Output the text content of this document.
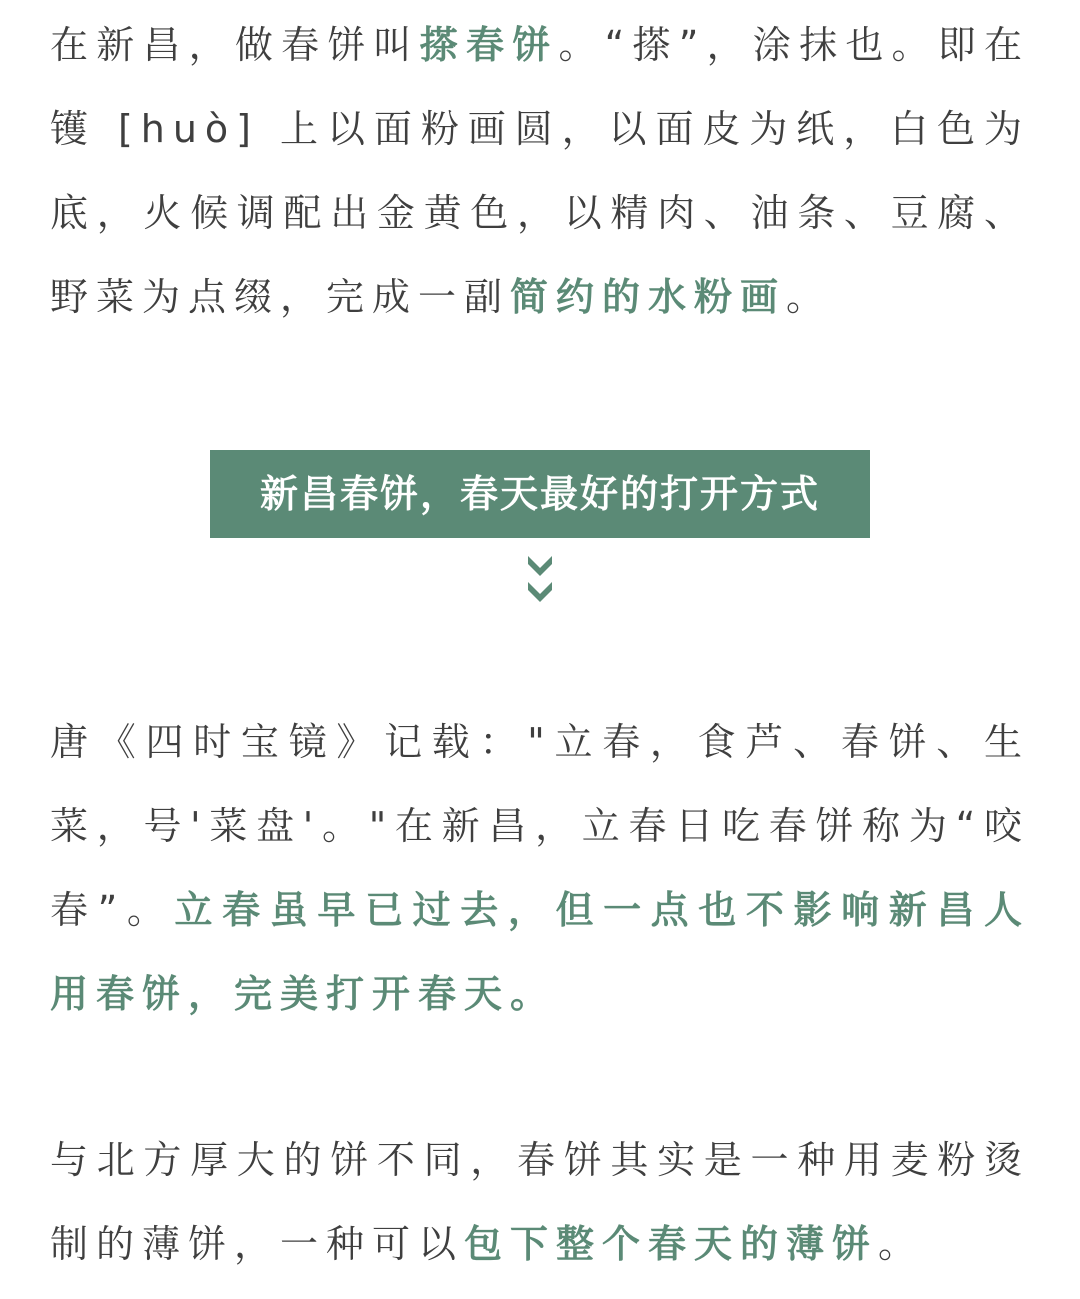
在新昌，做春饼叫搽春饼。“搽”，涂抹也。即在镬 [huò] 上以面粉画圆，以面皮为纸，白色为底，火候调配出金黄色，以精肉、油条、豆腐、野菜为点缀，完成一副简约的水粉画。
新昌春饼，春天最好的打开方式
唐《四时宝镜》记载："立春，食芦、春饼、生菜，号'菜盘'。"在新昌，立春日吃春饼称为“咬春”。立春虽早已过去，但一点也不影响新昌人用春饼，完美打开春天。
与北方厚大的饼不同，春饼其实是一种用麦粉烫制的薄饼，一种可以包下整个春天的薄饼。
